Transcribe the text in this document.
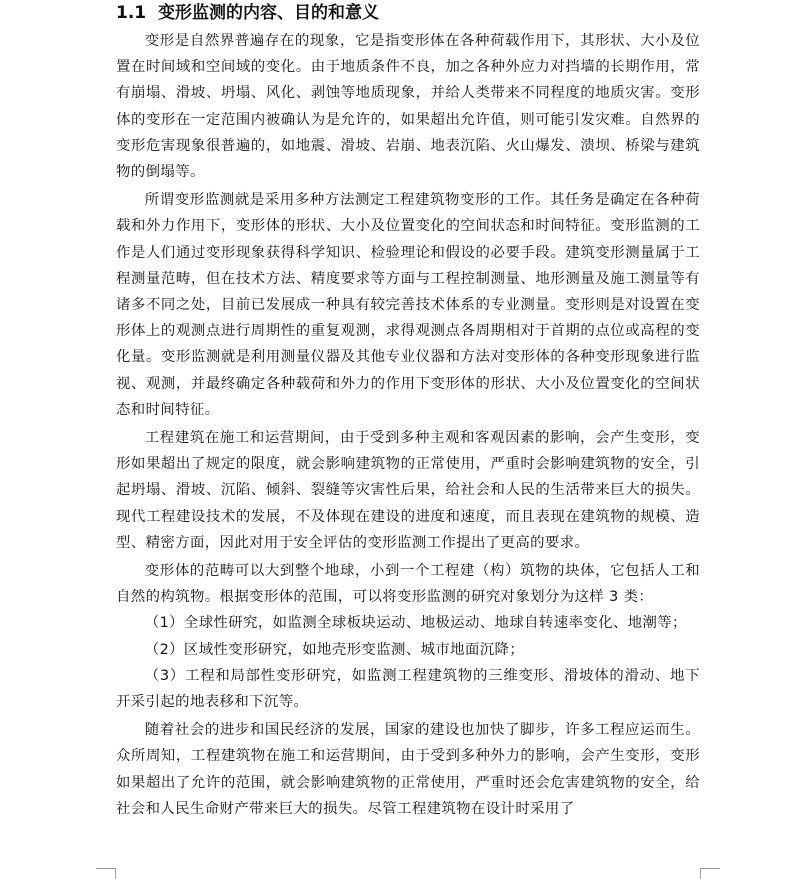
1.1 变形监测的内容、目的和意义

变形是自然界普遍存在的现象，它是指变形体在各种荷载作用下，其形状、大小及位置在时间域和空间域的变化。由于地质条件不良，加之各种外应力对挡墙的长期作用，常有崩塌、滑坡、坍塌、风化、剥蚀等地质现象，并给人类带来不同程度的地质灾害。变形体的变形在一定范围内被确认为是允许的，如果超出允许值，则可能引发灾难。自然界的变形危害现象很普遍的，如地震、滑坡、岩崩、地表沉陷、火山爆发、溃坝、桥梁与建筑物的倒塌等。

所谓变形监测就是采用多种方法测定工程建筑物变形的工作。其任务是确定在各种荷载和外力作用下，变形体的形状、大小及位置变化的空间状态和时间特征。变形监测的工作是人们通过变形现象获得科学知识、检验理论和假设的必要手段。建筑变形测量属于工程测量范畴，但在技术方法、精度要求等方面与工程控制测量、地形测量及施工测量等有诸多不同之处，目前已发展成一种具有较完善技术体系的专业测量。变形则是对设置在变形体上的观测点进行周期性的重复观测，求得观测点各周期相对于首期的点位或高程的变化量。变形监测就是利用测量仪器及其他专业仪器和方法对变形体的各种变形现象进行监视、观测，并最终确定各种载荷和外力的作用下变形体的形状、大小及位置变化的空间状态和时间特征。

工程建筑在施工和运营期间，由于受到多种主观和客观因素的影响，会产生变形，变形如果超出了规定的限度，就会影响建筑物的正常使用，严重时会影响建筑物的安全，引起坍塌、滑坡、沉陷、倾斜、裂缝等灾害性后果，给社会和人民的生活带来巨大的损失。现代工程建设技术的发展，不及体现在建设的进度和速度，而且表现在建筑物的规模、造型、精密方面，因此对用于安全评估的变形监测工作提出了更高的要求。

变形体的范畴可以大到整个地球，小到一个工程建（构）筑物的块体，它包括人工和自然的构筑物。根据变形体的范围，可以将变形监测的研究对象划分为这样 3 类：

（1）全球性研究，如监测全球板块运动、地极运动、地球自转速率变化、地潮等；

（2）区域性变形研究，如地壳形变监测、城市地面沉降；

（3）工程和局部性变形研究，如监测工程建筑物的三维变形、滑坡体的滑动、地下开采引起的地表移和下沉等。

随着社会的进步和国民经济的发展，国家的建设也加快了脚步，许多工程应运而生。众所周知，工程建筑物在施工和运营期间，由于受到多种外力的影响，会产生变形，变形如果超出了允许的范围，就会影响建筑物的正常使用，严重时还会危害建筑物的安全，给社会和人民生命财产带来巨大的损失。尽管工程建筑物在设计时采用了
